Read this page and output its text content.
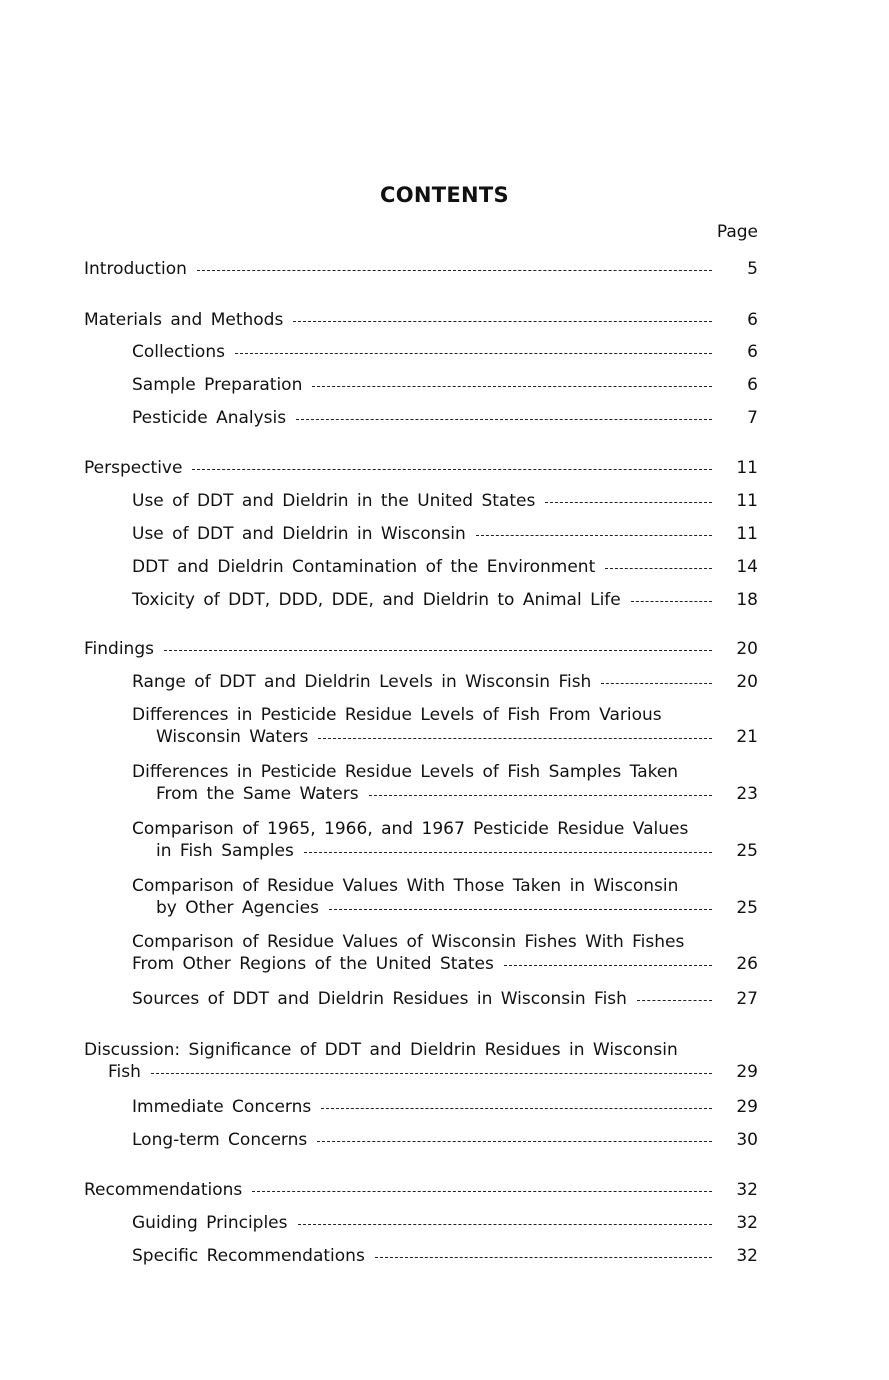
CONTENTS
Page
Introduction	5
Materials and Methods	6
Collections	6
Sample Preparation	6
Pesticide Analysis	7
Perspective	11
Use of DDT and Dieldrin in the United States	11
Use of DDT and Dieldrin in Wisconsin	11
DDT and Dieldrin Contamination of the Environment	14
Toxicity of DDT, DDD, DDE, and Dieldrin to Animal Life	18
Findings	20
Range of DDT and Dieldrin Levels in Wisconsin Fish	20
Differences in Pesticide Residue Levels of Fish From Various
Wisconsin Waters	21
Differences in Pesticide Residue Levels of Fish Samples Taken
From the Same Waters	23
Comparison of 1965, 1966, and 1967 Pesticide Residue Values
in Fish Samples	25
Comparison of Residue Values With Those Taken in Wisconsin
by Other Agencies	25
Comparison of Residue Values of Wisconsin Fishes With Fishes
From Other Regions of the United States	26
Sources of DDT and Dieldrin Residues in Wisconsin Fish	27
Discussion: Significance of DDT and Dieldrin Residues in Wisconsin
Fish	29
Immediate Concerns	29
Long-term Concerns	30
Recommendations	32
Guiding Principles	32
Specific Recommendations	32
